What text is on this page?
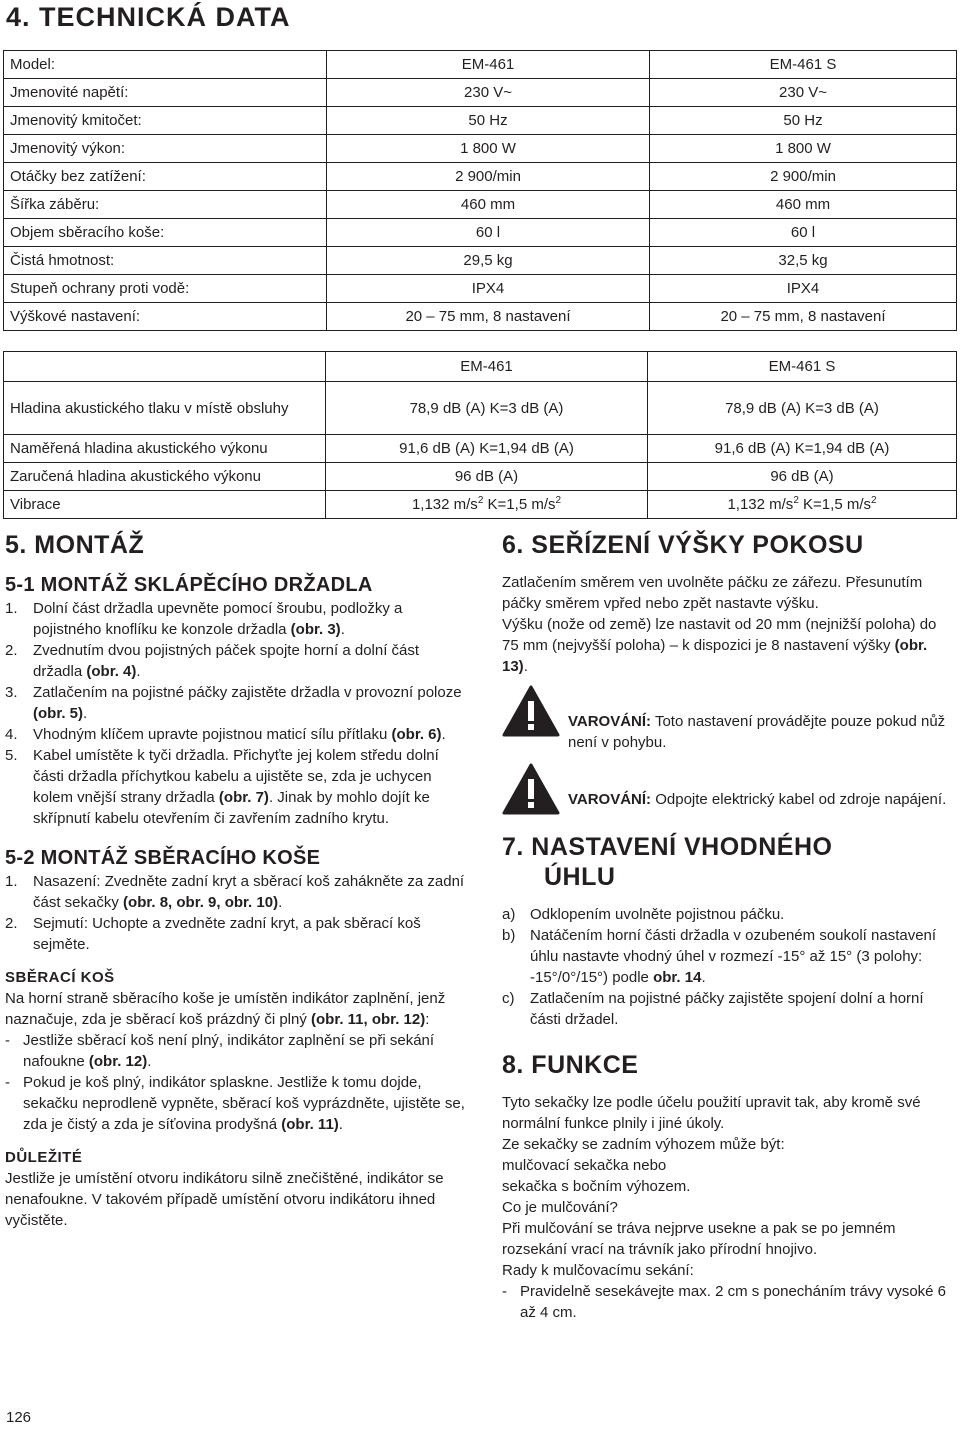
4. TECHNICKÁ DATA
Model:	EM-461	EM-461 S
Jmenovité napětí:	230 V~	230 V~
Jmenovitý kmitočet:	50 Hz	50 Hz
Jmenovitý výkon:	1 800 W	1 800 W
Otáčky bez zatížení:	2 900/min	2 900/min
Šířka záběru:	460 mm	460 mm
Objem sběracího koše:	60 l	60 l
Čistá hmotnost:	29,5 kg	32,5 kg
Stupeň ochrany proti vodě:	IPX4	IPX4
Výškové nastavení:	20 – 75 mm, 8 nastavení	20 – 75 mm, 8 nastavení
	EM-461	EM-461 S
Hladina akustického tlaku v místě obsluhy	78,9 dB (A) K=3 dB (A)	78,9 dB (A) K=3 dB (A)
Naměřená hladina akustického výkonu	91,6 dB (A) K=1,94 dB (A)	91,6 dB (A) K=1,94 dB (A)
Zaručená hladina akustického výkonu	96 dB (A)	96 dB (A)
Vibrace	1,132 $m/s^2$ K=1,5 $m/s^2$	1,132 $m/s^2$ K=1,5 $m/s^2$
5. MONTÁŽ
5-1 MONTÁŽ SKLÁPĚCÍHO DRŽADLA
1.	Dolní část držadla upevněte pomocí šroubu, podložky a pojistného knoflíku ke konzole držadla (obr. 3).
2.	Zvednutím dvou pojistných páček spojte horní a dolní část držadla (obr. 4).
3.	Zatlačením na pojistné páčky zajistěte držadla v provozní poloze (obr. 5).
4.	Vhodným klíčem upravte pojistnou maticí sílu přítlaku (obr. 6).
5.	Kabel umístěte k tyči držadla. Přichyťte jej kolem středu dolní části držadla příchytkou kabelu a ujistěte se, zda je uchycen kolem vnější strany držadla (obr. 7). Jinak by mohlo dojít ke skřípnutí kabelu otevřením či zavřením zadního krytu.
5-2 MONTÁŽ SBĚRACÍHO KOŠE
1.	Nasazení: Zvedněte zadní kryt a sběrací koš zahákněte za zadní část sekačky (obr. 8, obr. 9, obr. 10).
2.	Sejmutí: Uchopte a zvedněte zadní kryt, a pak sběrací koš sejměte.
SBĚRACÍ KOŠ

Na horní straně sběracího koše je umístěn indikátor zaplnění, jenž naznačuje, zda je sběrací koš prázdný či plný (obr. 11, obr. 12):

- Jestliže sběrací koš není plný, indikátor zaplnění se při sekání nafoukne (obr. 12).
- Pokud je koš plný, indikátor splaskne. Jestliže k tomu dojde, sekačku neprodleně vypněte, sběrací koš vyprázdněte, ujistěte se, zda je čistý a zda je síťovina prodyšná (obr. 11).
DŮLEŽITÉ

Jestliže je umístění otvoru indikátoru silně znečištěné, indikátor se nenafoukne. V takovém případě umístění otvoru indikátoru ihned vyčistěte.

6. SEŘÍZENÍ VÝŠKY POKOSU

Zatlačením směrem ven uvolněte páčku ze zářezu. Přesunutím páčky směrem vpřed nebo zpět nastavte výšku.

Výšku (nože od země) lze nastavit od 20 mm (nejnižší poloha) do 75 mm (nejvyšší poloha) – k dispozici je 8 nastavení výšky (obr. 13).

VAROVÁNÍ: Toto nastavení provádějte pouze pokud nůž není v pohybu.

VAROVÁNÍ: Odpojte elektrický kabel od zdroje napájení.

7. NASTAVENÍ VHODNÉHO
ÚHLU
a) Odklopením uvolněte pojistnou páčku.
b) Natáčením horní části držadla v ozubeném soukolí nastavení úhlu nastavte vhodný úhel v rozmezí -15° až 15° (3 polohy: -15°/0°/15°) podle obr. 14.
c)	Zatlačením na pojistné páčky zajistěte spojení dolní a horní části držadel.
8. FUNKCE

Tyto sekačky lze podle účelu použití upravit tak, aby kromě své normální funkce plnily i jiné úkoly.

Ze sekačky se zadním výhozem může být:

mulčovací sekačka nebo

sekačka s bočním výhozem.

Co je mulčování?

Při mulčování se tráva nejprve usekne a pak se po jemném rozsekání vrací na trávník jako přírodní hnojivo.

Rady k mulčovacímu sekání:

- Pravidelně sesekávejte max. 2 cm s ponecháním trávy vysoké 6 až 4 cm.
126
